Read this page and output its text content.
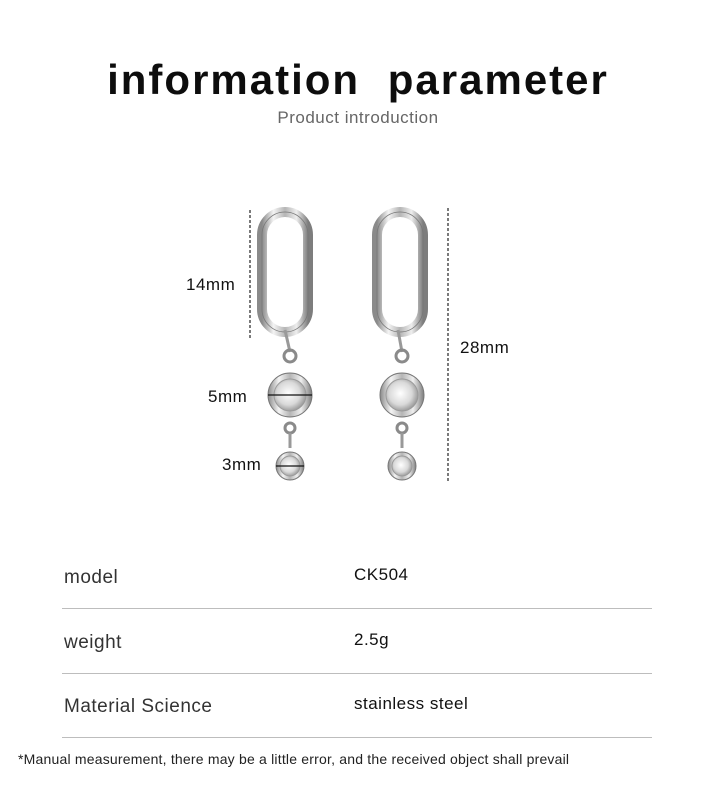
information parameter
Product introduction
14mm
28mm
5mm
3mm
model	CK504
weight	2.5g
Material Science	stainless steel
*Manual measurement, there may be a little error, and the received object shall prevail
